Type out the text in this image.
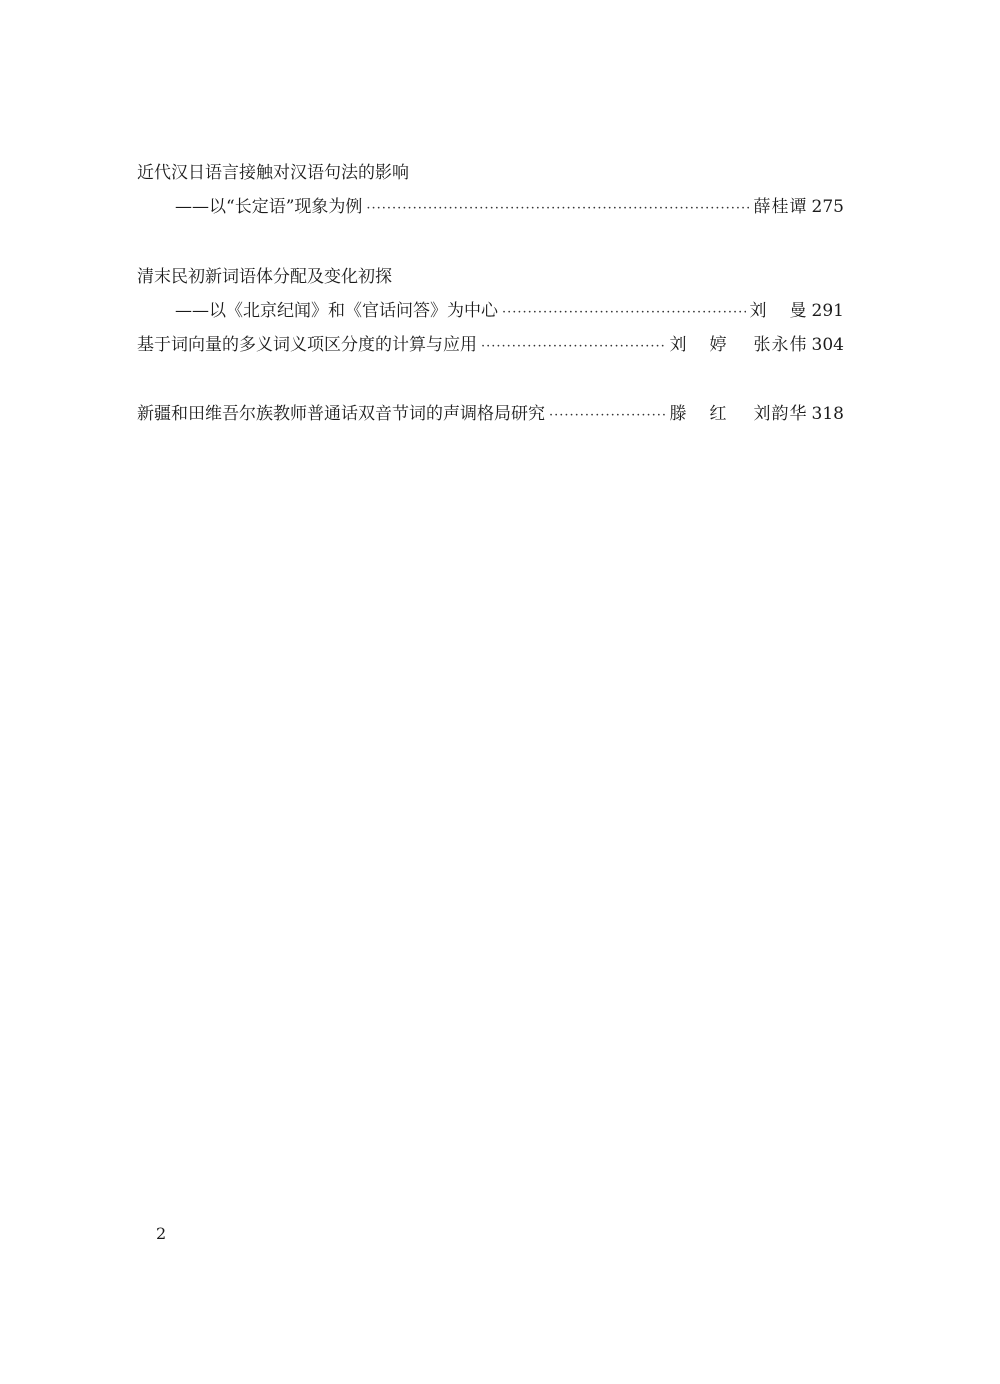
近代汉日语言接触对汉语句法的影响
——以“长定语”现象为例 ·····	薛桂谭 275
清末民初新词语体分配及变化初探
——以《北京纪闻》和《官话问答》为中心 ·····	刘 曼 291
基于词向量的多义词义项区分度的计算与应用 ·····	刘 婷 张永伟 304
新疆和田维吾尔族教师普通话双音节词的声调格局研究 ·····	滕 红 刘韵华 318
2
